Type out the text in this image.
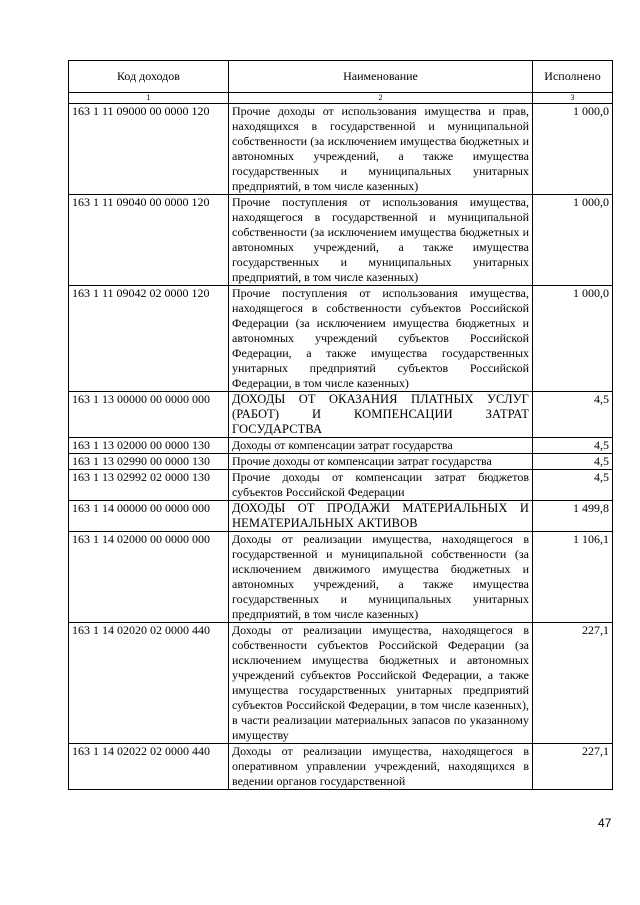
Код доходов	Наименование	Исполнено
1	2	3
163 1 11 09000 00 0000 120	Прочие доходы от использования имущества и прав, находящихся в государственной и муниципальной собственности (за исключением имущества бюджетных и автономных учреждений, а также имущества государственных и муниципальных унитарных предприятий, в том числе казенных)	1 000,0
163 1 11 09040 00 0000 120	Прочие поступления от использования имущества, находящегося в государственной и муниципальной собственности (за исключением имущества бюджетных и автономных учреждений, а также имущества государственных и муниципальных унитарных предприятий, в том числе казенных)	1 000,0
163 1 11 09042 02 0000 120	Прочие поступления от использования имущества, находящегося в собственности субъектов Российской Федерации (за исключением имущества бюджетных и автономных учреждений субъектов Российской Федерации, а также имущества государственных унитарных предприятий субъектов Российской Федерации, в том числе казенных)	1 000,0
163 1 13 00000 00 0000 000	ДОХОДЫ ОТ ОКАЗАНИЯ ПЛАТНЫХ УСЛУГ (РАБОТ) И КОМПЕНСАЦИИ ЗАТРАТ ГОСУДАРСТВА	4,5
163 1 13 02000 00 0000 130	Доходы от компенсации затрат государства	4,5
163 1 13 02990 00 0000 130	Прочие доходы от компенсации затрат государства	4,5
163 1 13 02992 02 0000 130	Прочие доходы от компенсации затрат бюджетов субъектов Российской Федерации	4,5
163 1 14 00000 00 0000 000	ДОХОДЫ ОТ ПРОДАЖИ МАТЕРИАЛЬНЫХ И НЕМАТЕРИАЛЬНЫХ АКТИВОВ	1 499,8
163 1 14 02000 00 0000 000	Доходы от реализации имущества, находящегося в государственной и муниципальной собственности (за исключением движимого имущества бюджетных и автономных учреждений, а также имущества государственных и муниципальных унитарных предприятий, в том числе казенных)	1 106,1
163 1 14 02020 02 0000 440	Доходы от реализации имущества, находящегося в собственности субъектов Российской Федерации (за исключением имущества бюджетных и автономных учреждений субъектов Российской Федерации, а также имущества государственных унитарных предприятий субъектов Российской Федерации, в том числе казенных), в части реализации материальных запасов по указанному имуществу	227,1
163 1 14 02022 02 0000 440	Доходы от реализации имущества, находящегося в оперативном управлении учреждений, находящихся в ведении органов государственной	227,1
47
